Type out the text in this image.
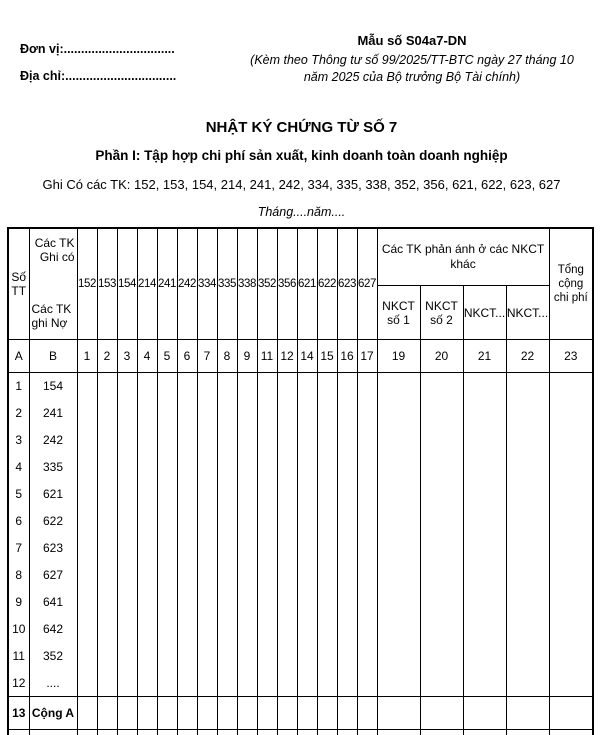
Đơn vị:................................
Địa chỉ:................................
Mẫu số S04a7-DN
(Kèm theo Thông tư số 99/2025/TT-BTC ngày 27 tháng 10 năm 2025 của Bộ trưởng Bộ Tài chính)
NHẬT KÝ CHỨNG TỪ SỐ 7
Phần I: Tập hợp chi phí sản xuất, kinh doanh toàn doanh nghiệp
Ghi Có các TK: 152, 153, 154, 214, 241, 242, 334, 335, 338, 352, 356, 621, 622, 623, 627
Tháng....năm....
Số TT	Các TK Ghi có
Các TK ghi Nợ	152	153	154	214	241	242	334	335	338	352	356	621	622	623	627	Các TK phản ánh ở các NKCT khác				Tổng cộng chi phí
																	NKCT số 1	NKCT số 2	NKCT...	NKCT...	
A	B	1	2	3	4	5	6	7	8	9	11	12	14	15	16	17	19	20	21	22	23
1	154																				
2	241																				
3	242																				
4	335																				
5	621																				
6	622																				
7	623																				
8	627																				
9	641																				
10	642																				
11	352																				
12	....																				
13	Cộng A																				
